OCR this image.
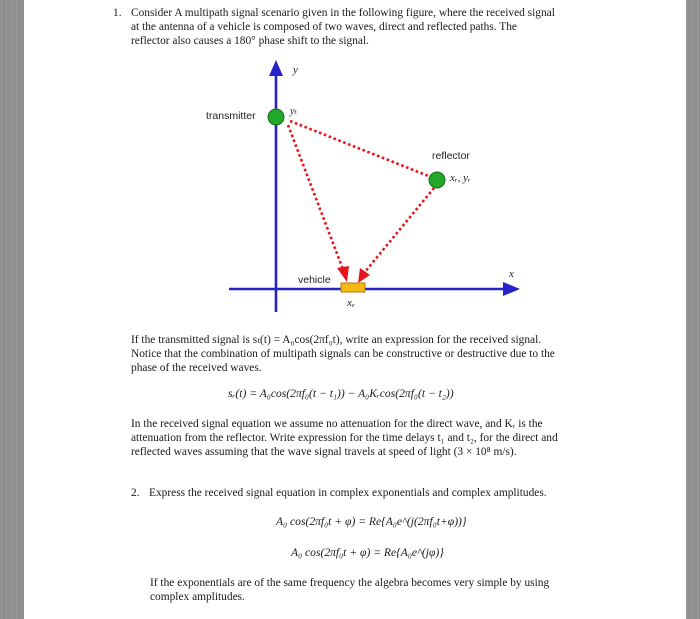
1. Consider A multipath signal scenario given in the following figure, where the received signal
at the antenna of a vehicle is composed of two waves, direct and reflected paths. The
reflector also causes a 180° phase shift to the signal.
y
transmitter	yₜ
reflector
xᵣ, yᵣ
vehicle	x
xᵥ
If the transmitted signal is sₜ(t) = A₀cos(2πf₀t), write an expression for the received signal.
Notice that the combination of multipath signals can be constructive or destructive due to the
phase of the received waves.
sᵣ(t) = A₀cos(2πf₀(t − t₁)) − A₀Kᵣcos(2πf₀(t − t₂))
In the received signal equation we assume no attenuation for the direct wave, and Kᵣ is the
attenuation from the reflector. Write expression for the time delays t₁ and t₂, for the direct and
reflected waves assuming that the wave signal travels at speed of light (3 × 10⁸ m/s).
2. Express the received signal equation in complex exponentials and complex amplitudes.
A₀ cos(2πf₀t + φ) = Re{A₀e^(j(2πf₀t+φ))}
A₀ cos(2πf₀t + φ) = Re{A₀e^(jφ)}
If the exponentials are of the same frequency the algebra becomes very simple by using
complex amplitudes.
